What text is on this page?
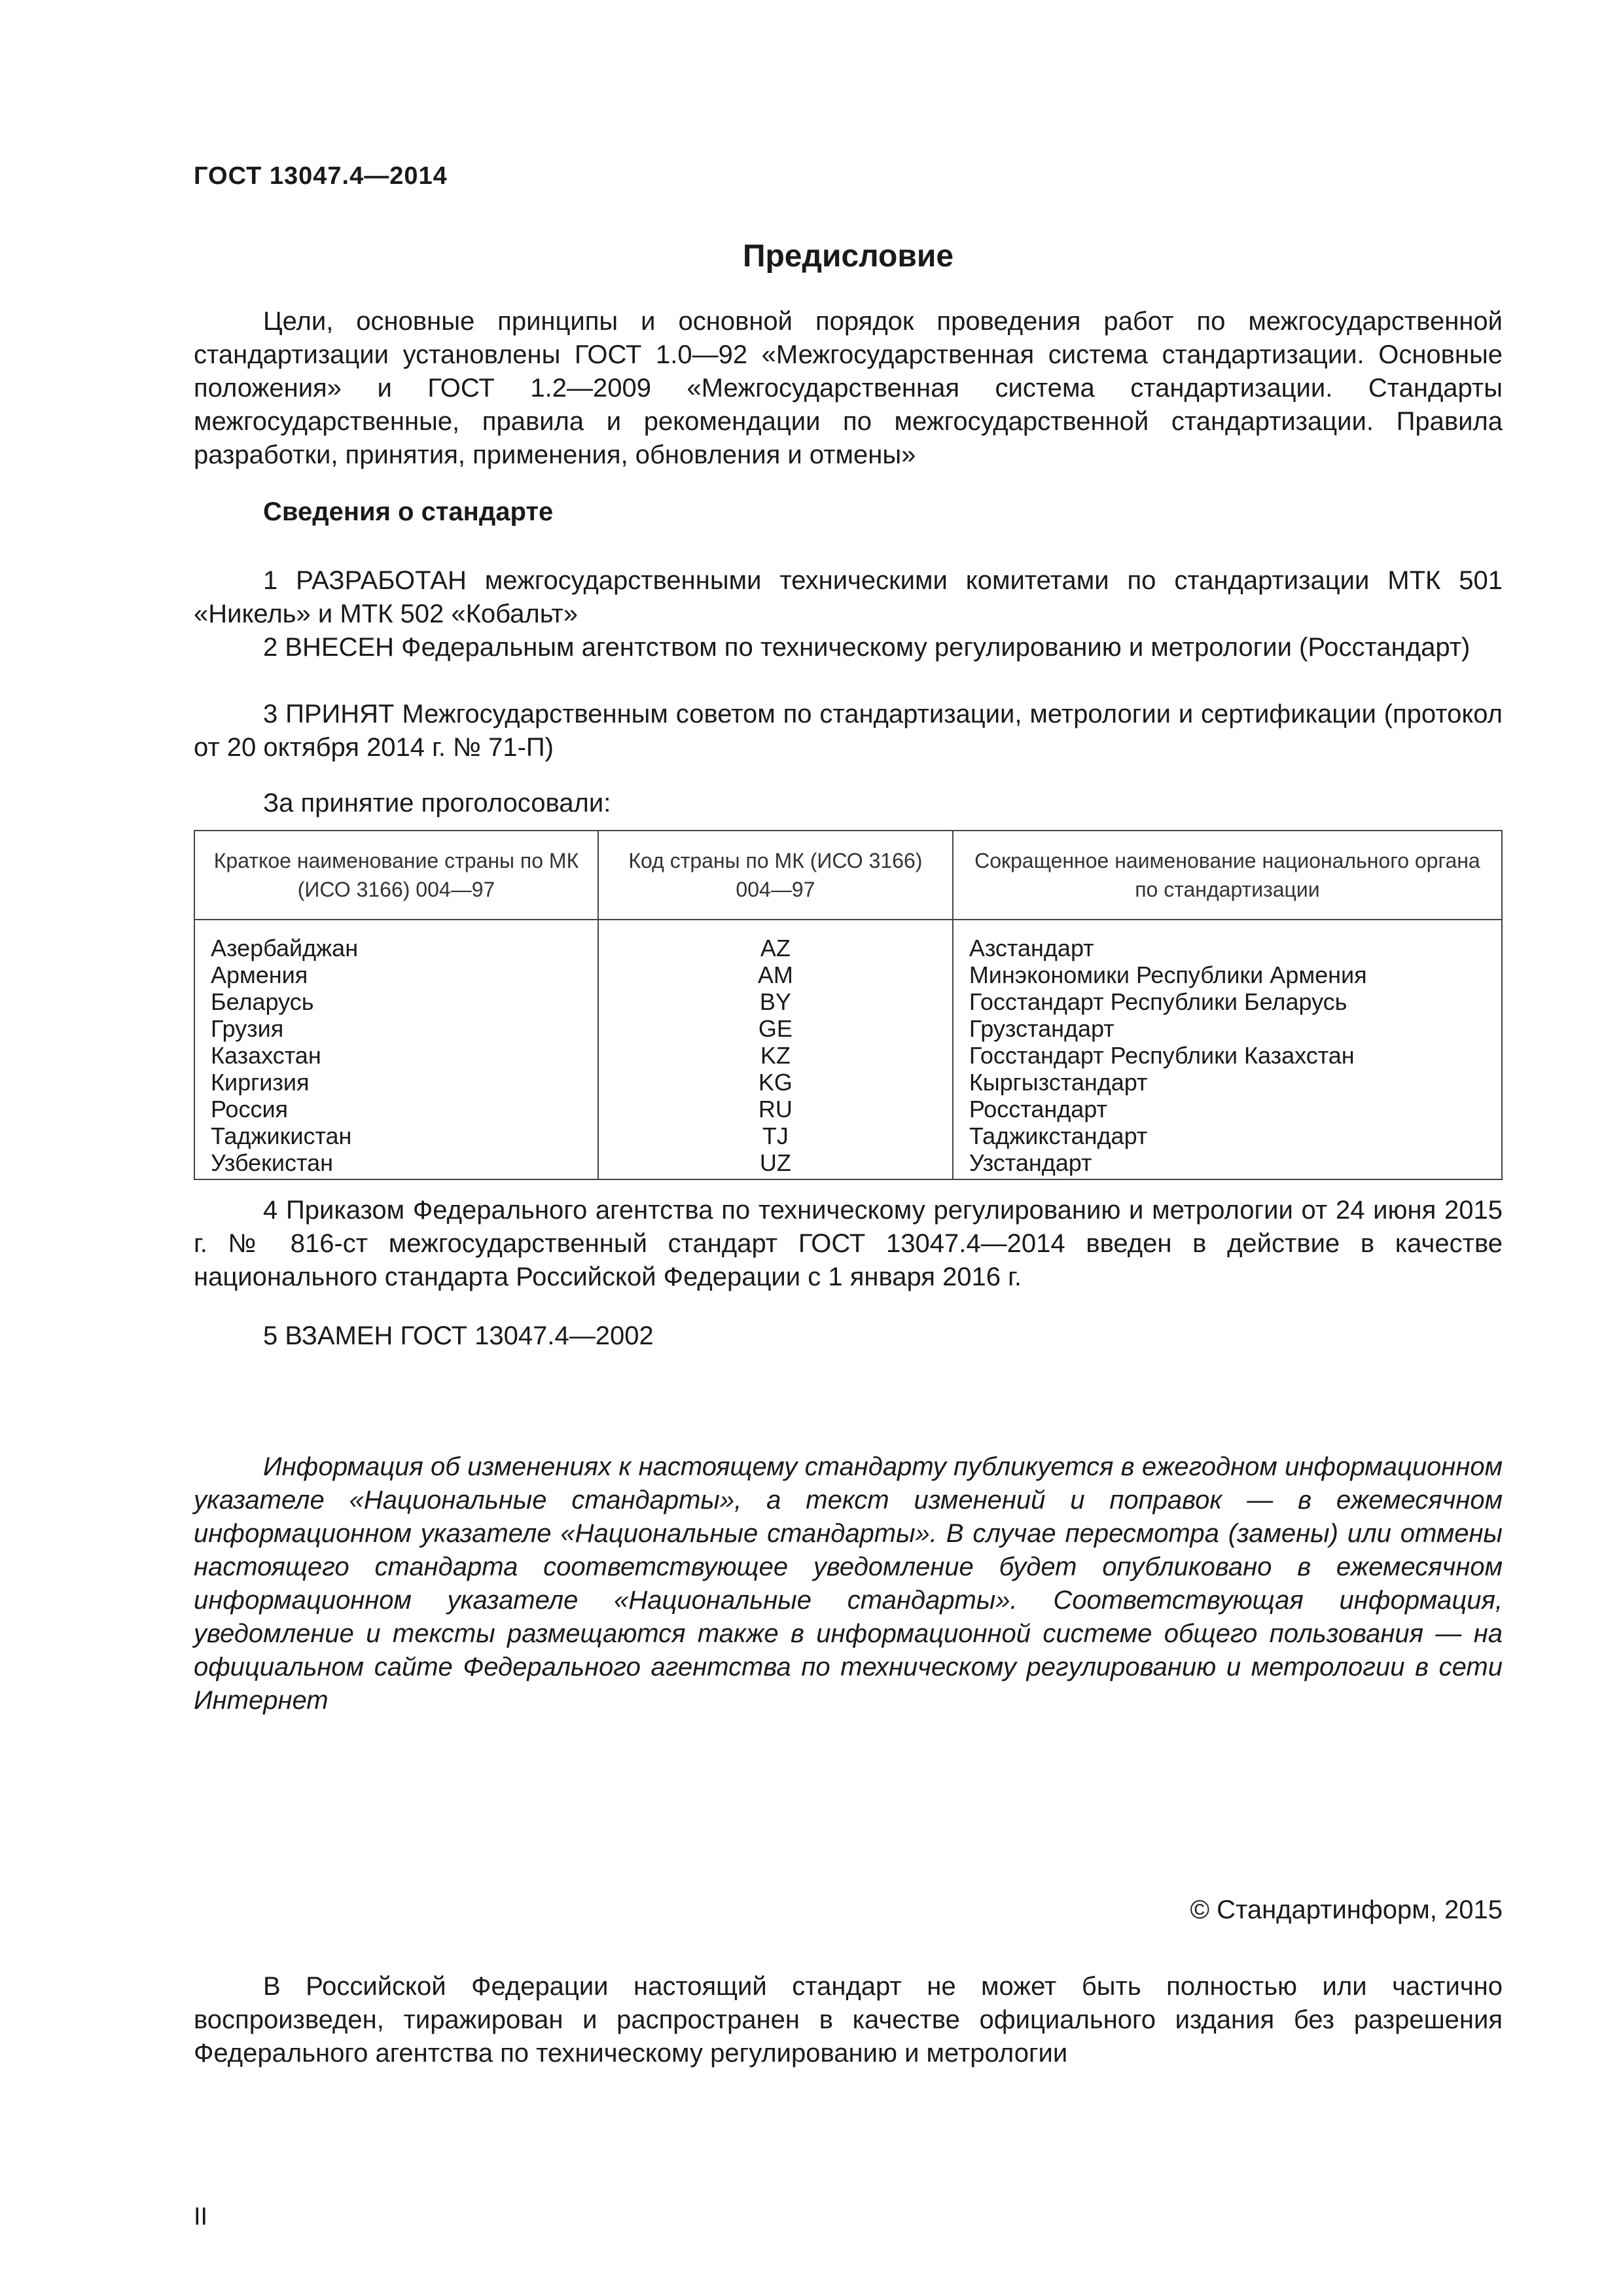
ГОСТ 13047.4—2014

Предисловие

Цели, основные принципы и основной порядок проведения работ по межгосударственной стандартизации установлены ГОСТ 1.0—92 «Межгосударственная система стандартизации. Основные положения» и ГОСТ 1.2—2009 «Межгосударственная система стандартизации. Стандарты межгосударственные, правила и рекомендации по межгосударственной стандартизации. Правила разработки, принятия, применения, обновления и отмены»

Сведения о стандарте

1 РАЗРАБОТАН межгосударственными техническими комитетами по стандартизации МТК 501 «Никель» и МТК 502 «Кобальт»

2 ВНЕСЕН Федеральным агентством по техническому регулированию и метрологии (Росстандарт)

3 ПРИНЯТ Межгосударственным советом по стандартизации, метрологии и сертификации (протокол от 20 октября 2014 г. № 71-П)

За принятие проголосовали:

Краткое наименование страны по МК (ИСО 3166) 004—97	Код страны по МК (ИСО 3166) 004—97	Сокращенное наименование национального органа по стандартизации
Азербайджан	AZ	Азстандарт
Армения	AM	Минэкономики Республики Армения
Беларусь	BY	Госстандарт Республики Беларусь
Грузия	GE	Грузстандарт
Казахстан	KZ	Госстандарт Республики Казахстан
Киргизия	KG	Кыргызстандарт
Россия	RU	Росстандарт
Таджикистан	TJ	Таджикстандарт
Узбекистан	UZ	Узстандарт

4 Приказом Федерального агентства по техническому регулированию и метрологии от 24 июня 2015 г. № 816-ст межгосударственный стандарт ГОСТ 13047.4—2014 введен в действие в качестве национального стандарта Российской Федерации с 1 января 2016 г.

5 ВЗАМЕН ГОСТ 13047.4—2002

Информация об изменениях к настоящему стандарту публикуется в ежегодном информационном указателе «Национальные стандарты», а текст изменений и поправок — в ежемесячном информационном указателе «Национальные стандарты». В случае пересмотра (замены) или отмены настоящего стандарта соответствующее уведомление будет опубликовано в ежемесячном информационном указателе «Национальные стандарты». Соответствующая информация, уведомление и тексты размещаются также в информационной системе общего пользования — на официальном сайте Федерального агентства по техническому регулированию и метрологии в сети Интернет

© Стандартинформ, 2015

В Российской Федерации настоящий стандарт не может быть полностью или частично воспроизведен, тиражирован и распространен в качестве официального издания без разрешения Федерального агентства по техническому регулированию и метрологии

II
